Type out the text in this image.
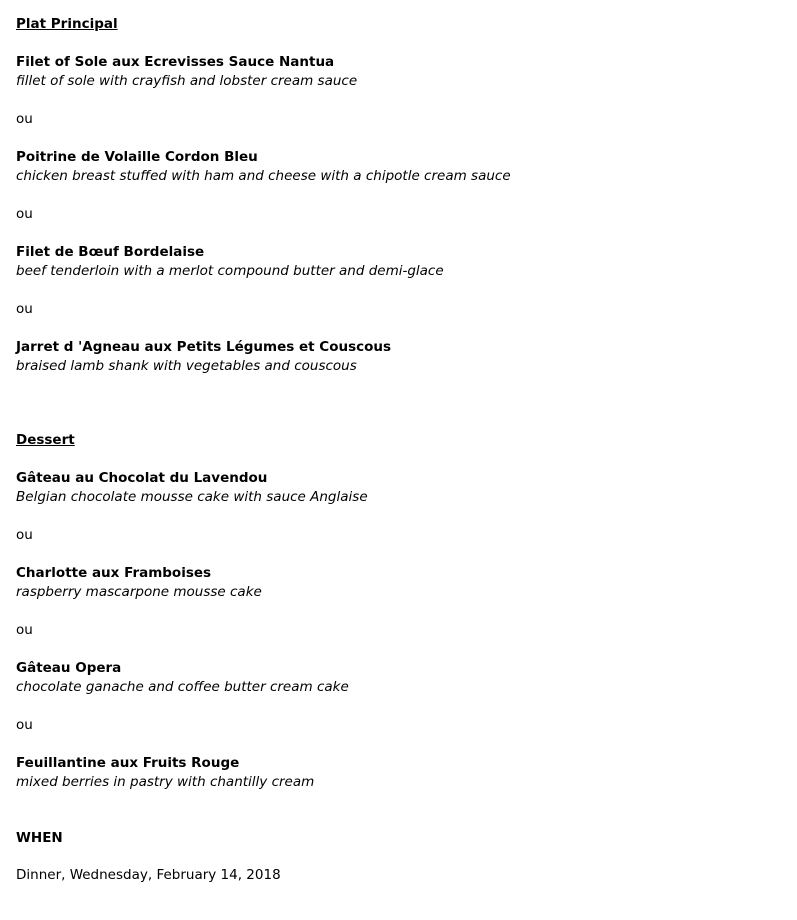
Plat Principal
Filet of Sole aux Ecrevisses Sauce Nantua
fillet of sole with crayfish and lobster cream sauce
ou
Poitrine de Volaille Cordon Bleu
chicken breast stuffed with ham and cheese with a chipotle cream sauce
ou
Filet de Bœuf Bordelaise
beef tenderloin with a merlot compound butter and demi-glace
ou
Jarret d 'Agneau aux Petits Légumes et Couscous
braised lamb shank with vegetables and couscous
Dessert
Gâteau au Chocolat du Lavendou
Belgian chocolate mousse cake with sauce Anglaise
ou
Charlotte aux Framboises
raspberry mascarpone mousse cake
ou
Gâteau Opera
chocolate ganache and coffee butter cream cake
ou
Feuillantine aux Fruits Rouge
mixed berries in pastry with chantilly cream
WHEN
Dinner, Wednesday, February 14, 2018
